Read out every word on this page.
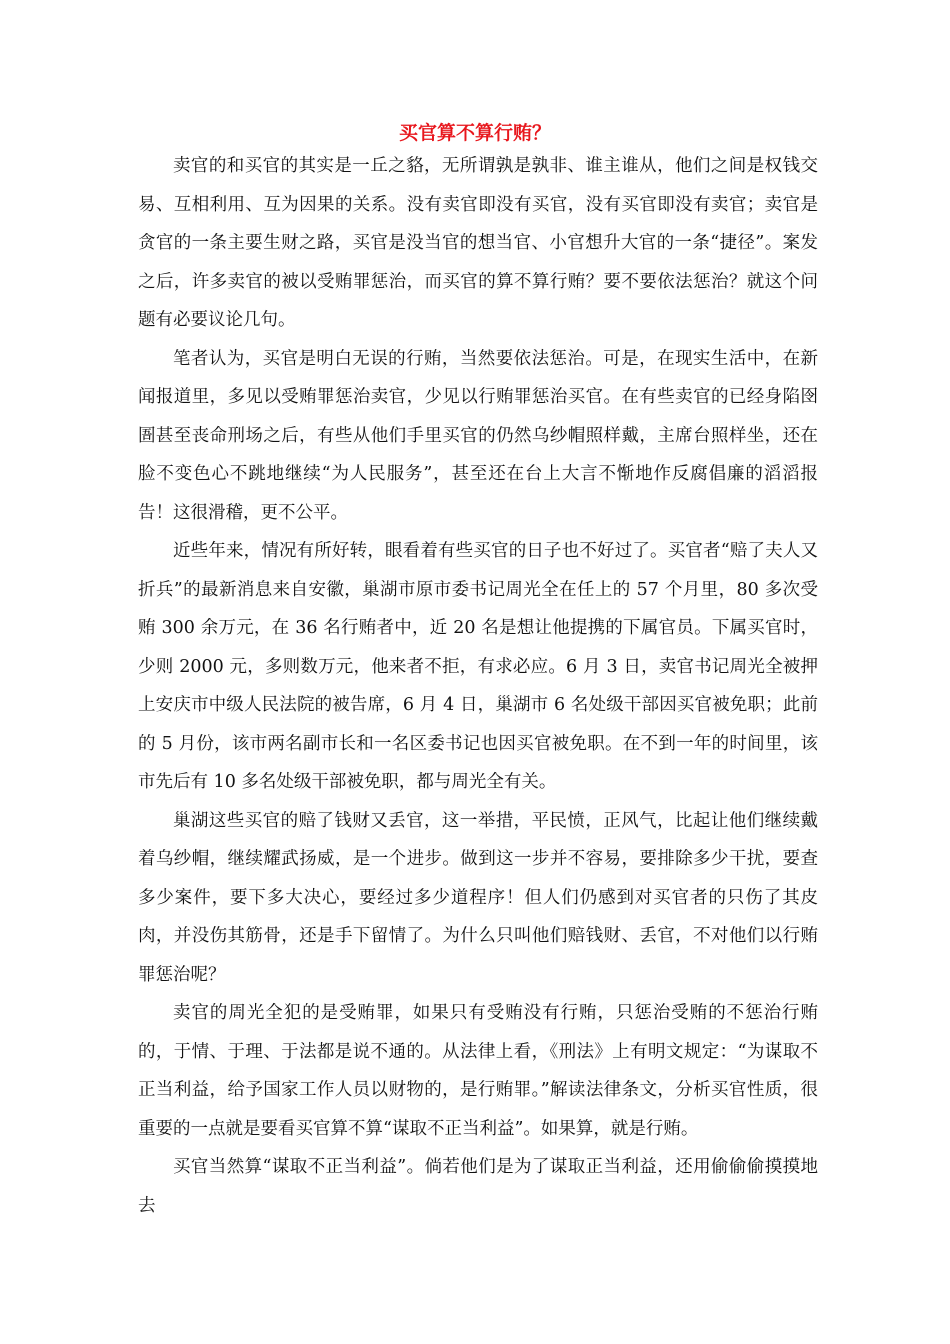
买官算不算行贿？

卖官的和买官的其实是一丘之貉，无所谓孰是孰非、谁主谁从，他们之间是权钱交易、互相利用、互为因果的关系。没有卖官即没有买官，没有买官即没有卖官；卖官是贪官的一条主要生财之路，买官是没当官的想当官、小官想升大官的一条“捷径”。案发之后，许多卖官的被以受贿罪惩治，而买官的算不算行贿？要不要依法惩治？就这个问题有必要议论几句。

笔者认为，买官是明白无误的行贿，当然要依法惩治。可是，在现实生活中，在新闻报道里，多见以受贿罪惩治卖官，少见以行贿罪惩治买官。在有些卖官的已经身陷囹圄甚至丧命刑场之后，有些从他们手里买官的仍然乌纱帽照样戴，主席台照样坐，还在脸不变色心不跳地继续“为人民服务”，甚至还在台上大言不惭地作反腐倡廉的滔滔报告！这很滑稽，更不公平。

近些年来，情况有所好转，眼看着有些买官的日子也不好过了。买官者“赔了夫人又折兵”的最新消息来自安徽，巢湖市原市委书记周光全在任上的 57 个月里，80 多次受贿 300 余万元，在 36 名行贿者中，近 20 名是想让他提携的下属官员。下属买官时，少则 2000 元，多则数万元，他来者不拒，有求必应。6 月 3 日，卖官书记周光全被押上安庆市中级人民法院的被告席，6 月 4 日，巢湖市 6 名处级干部因买官被免职；此前的 5 月份，该市两名副市长和一名区委书记也因买官被免职。在不到一年的时间里，该市先后有 10 多名处级干部被免职，都与周光全有关。

巢湖这些买官的赔了钱财又丢官，这一举措，平民愤，正风气，比起让他们继续戴着乌纱帽，继续耀武扬威，是一个进步。做到这一步并不容易，要排除多少干扰，要查多少案件，要下多大决心，要经过多少道程序！但人们仍感到对买官者的只伤了其皮肉，并没伤其筋骨，还是手下留情了。为什么只叫他们赔钱财、丢官，不对他们以行贿罪惩治呢？

卖官的周光全犯的是受贿罪，如果只有受贿没有行贿，只惩治受贿的不惩治行贿的，于情、于理、于法都是说不通的。从法律上看，《刑法》上有明文规定：“为谋取不正当利益，给予国家工作人员以财物的，是行贿罪。”解读法律条文，分析买官性质，很重要的一点就是要看买官算不算“谋取不正当利益”。如果算，就是行贿。

买官当然算“谋取不正当利益”。倘若他们是为了谋取正当利益，还用偷偷偷摸摸地去
